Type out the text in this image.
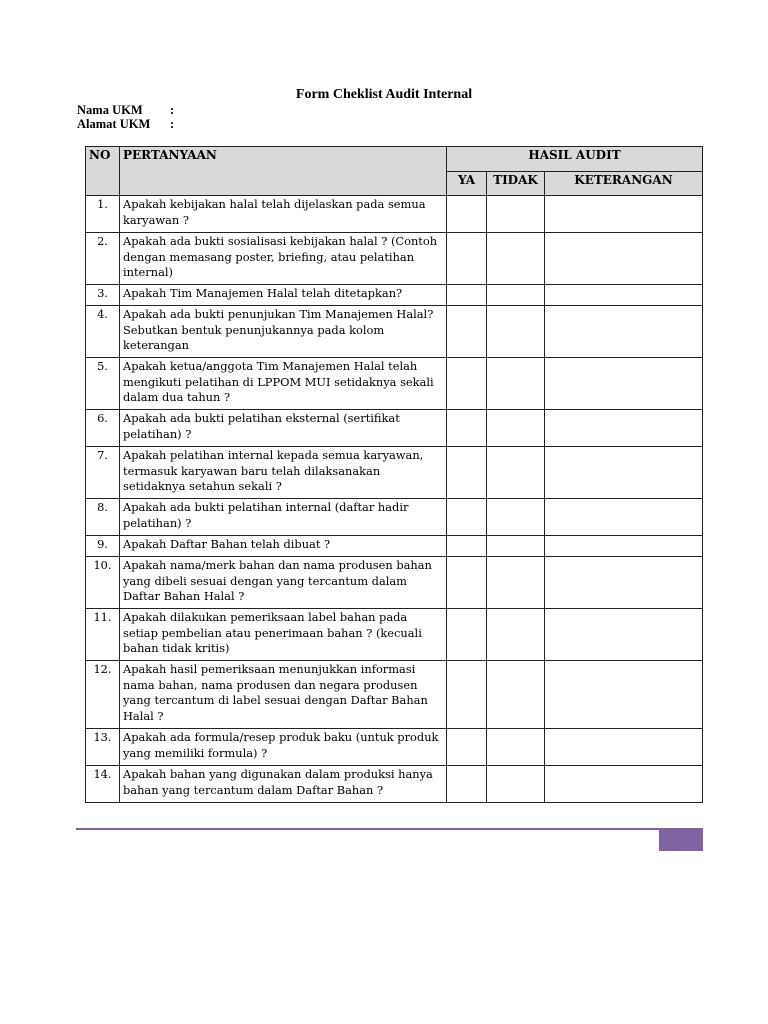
Form Cheklist Audit Internal
Nama UKM :
Alamat UKM :
NO	PERTANYAAN	HASIL AUDIT		
		YA	TIDAK	KETERANGAN
1.	Apakah kebijakan halal telah dijelaskan pada semua karyawan ?			
2.	Apakah ada bukti sosialisasi kebijakan halal ? (Contoh dengan memasang poster, briefing, atau pelatihan internal)			
3.	Apakah Tim Manajemen Halal telah ditetapkan?			
4.	Apakah ada bukti penunjukan Tim Manajemen Halal? Sebutkan bentuk penunjukannya pada kolom keterangan			
5.	Apakah ketua/anggota Tim Manajemen Halal telah mengikuti pelatihan di LPPOM MUI setidaknya sekali dalam dua tahun ?			
6.	Apakah ada bukti pelatihan eksternal (sertifikat pelatihan) ?			
7.	Apakah pelatihan internal kepada semua karyawan, termasuk karyawan baru telah dilaksanakan setidaknya setahun sekali ?			
8.	Apakah ada bukti pelatihan internal (daftar hadir pelatihan) ?			
9.	Apakah Daftar Bahan telah dibuat ?			
10.	Apakah nama/merk bahan dan nama produsen bahan yang dibeli sesuai dengan yang tercantum dalam Daftar Bahan Halal ?			
11.	Apakah dilakukan pemeriksaan label bahan pada setiap pembelian atau penerimaan bahan ? (kecuali bahan tidak kritis)			
12.	Apakah hasil pemeriksaan menunjukkan informasi nama bahan, nama produsen dan negara produsen yang tercantum di label sesuai dengan Daftar Bahan Halal ?			
13.	Apakah ada formula/resep produk baku (untuk produk yang memiliki formula) ?			
14.	Apakah bahan yang digunakan dalam produksi hanya bahan yang tercantum dalam Daftar Bahan ?			
